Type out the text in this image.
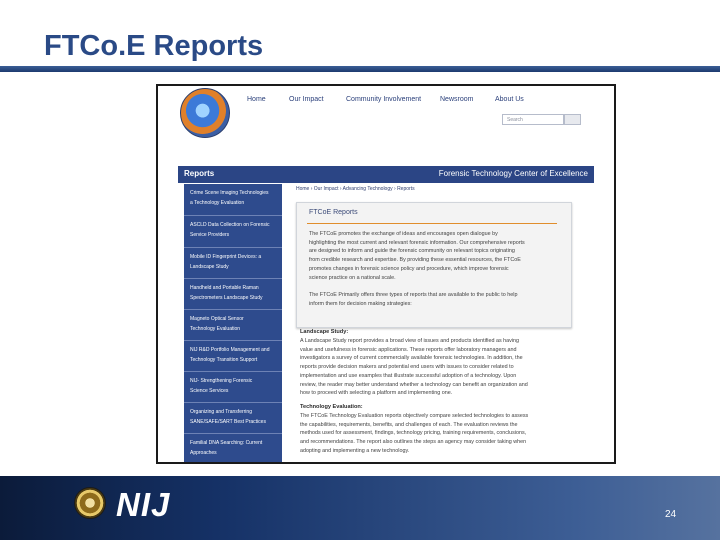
FTCo.E Reports
Home	Our Impact	Community Involvement	Newsroom	About Us
Search
Reports	Forensic Technology Center of Excellence
Crime Scene Imaging Technologies
a Technology Evaluation
ASCLD Data Collection on Forensic
Service Providers
Mobile ID Fingerprint Devices: a
Landscape Study
Handheld and Portable Raman
Spectrometers Landscape Study
Magneto Optical Sensor
Technology Evaluation
NIJ R&D Portfolio Management and
Technology Transition Support
NIJ- Strengthening Forensic
Science Services
Organizing and Transferring
SANE/SAFE/SART Best Practices
Familial DNA Searching: Current
Approaches
Home › Our Impact › Advancing Technology › Reports
FTCoE Reports
The FTCoE promotes the exchange of ideas and encourages open dialogue by
highlighting the most current and relevant forensic information. Our comprehensive reports
are designed to inform and guide the forensic community on relevant topics originating
from credible research and expertise. By providing these essential resources, the FTCoE
promotes changes in forensic science policy and procedure, which improve forensic
science practice on a national scale.
The FTCoE Primarily offers three types of reports that are available to the public to help
inform them for decision making strategies:
Landscape Study:
A Landscape Study report provides a broad view of issues and products identified as having
value and usefulness in forensic applications. These reports offer laboratory managers and
investigators a survey of current commercially available forensic technologies. In addition, the
reports provide decision makers and potential end users with issues to consider related to
implementation and use examples that illustrate successful adoption of a technology. Upon
review, the reader may better understand whether a technology can benefit an organization and
how to proceed with selecting a platform and implementing one.
Technology Evaluation:
The FTCoE Technology Evaluation reports objectively compare selected technologies to assess
the capabilities, requirements, benefits, and challenges of each. The evaluation reviews the
methods used for assessment, findings, technology pricing, training requirements, conclusions,
and recommendations. The report also outlines the steps an agency may consider taking when
adopting and implementing a new technology.
NIJ	24
